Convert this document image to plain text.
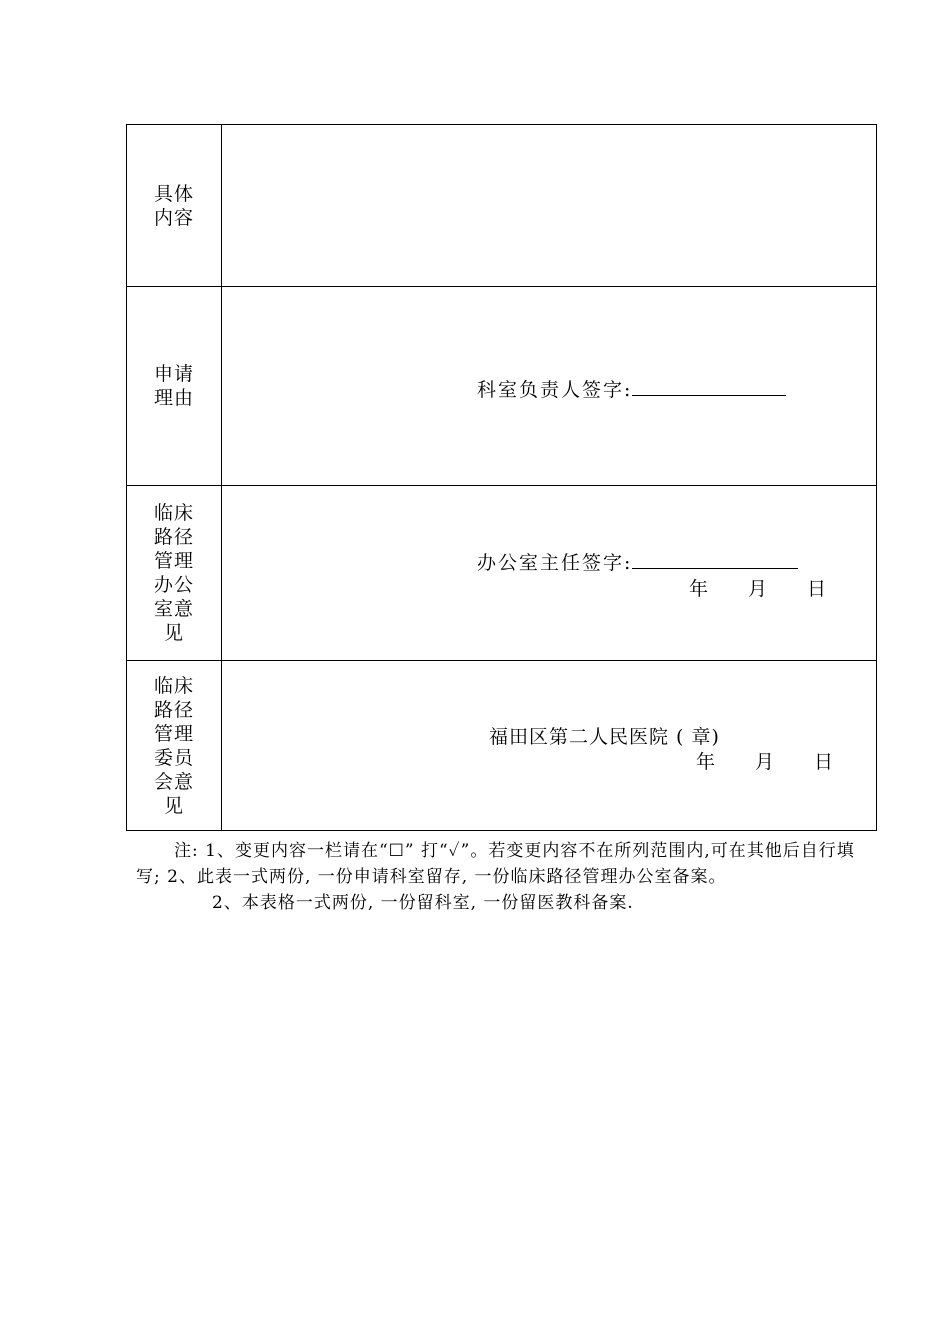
具体内容	
申请理由	科室负责人签字:

临床路径管理办公室意见	办公室主任签字:
年 月 日

临床路径管理委员会意见	福田区第二人民医院 ( 章)
年 月 日
注: 1、变更内容一栏请在“☐” 打“✓”。若变更内容不在所列范围内,可在其他后自行填写; 2、此表一式两份, 一份申请科室留存, 一份临床路径管理办公室备案。
2、本表格一式两份, 一份留科室, 一份留医教科备案.
